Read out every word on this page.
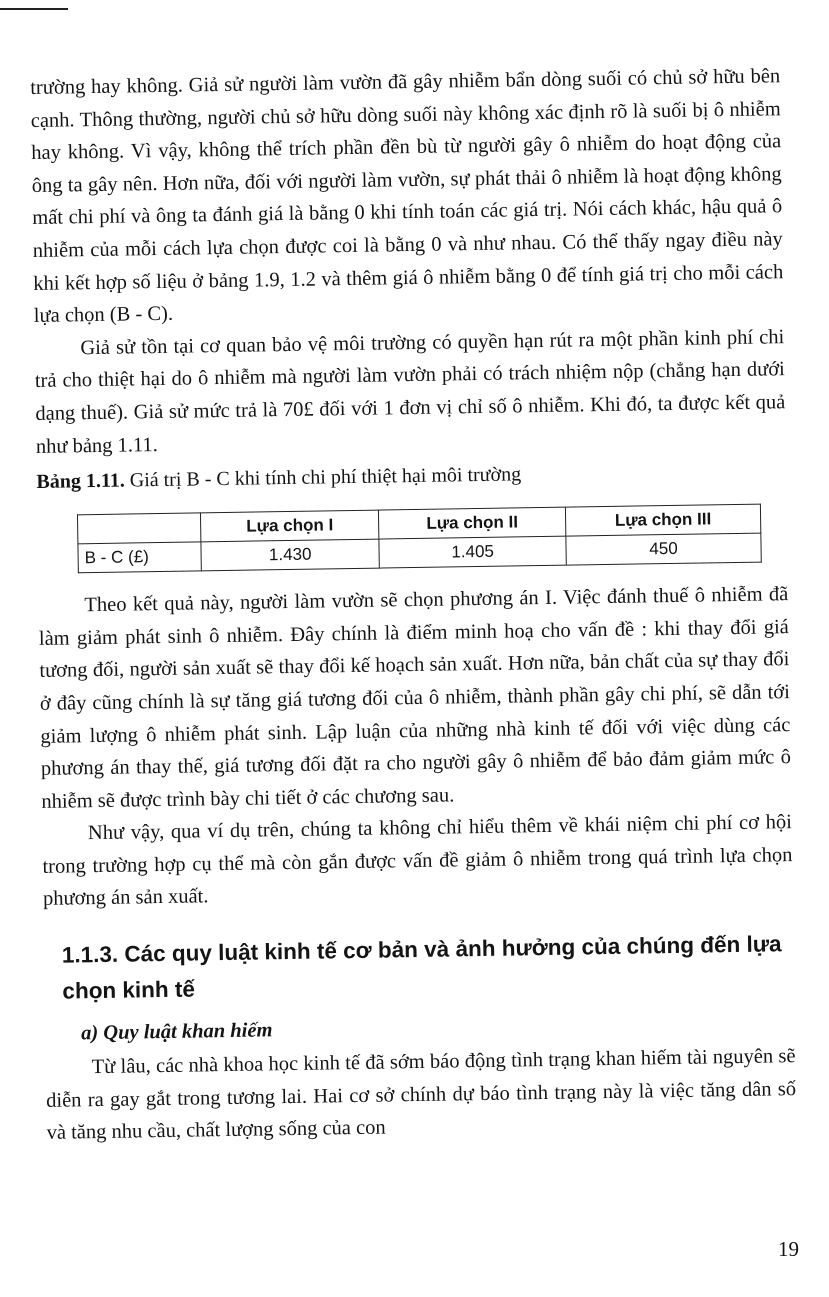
trường hay không. Giả sử người làm vườn đã gây nhiễm bẩn dòng suối có chủ sở hữu bên cạnh. Thông thường, người chủ sở hữu dòng suối này không xác định rõ là suối bị ô nhiễm hay không. Vì vậy, không thể trích phần đền bù từ người gây ô nhiễm do hoạt động của ông ta gây nên. Hơn nữa, đối với người làm vườn, sự phát thải ô nhiễm là hoạt động không mất chi phí và ông ta đánh giá là bằng 0 khi tính toán các giá trị. Nói cách khác, hậu quả ô nhiễm của mỗi cách lựa chọn được coi là bằng 0 và như nhau. Có thể thấy ngay điều này khi kết hợp số liệu ở bảng 1.9, 1.2 và thêm giá ô nhiễm bằng 0 để tính giá trị cho mỗi cách lựa chọn (B - C).

Giả sử tồn tại cơ quan bảo vệ môi trường có quyền hạn rút ra một phần kinh phí chi trả cho thiệt hại do ô nhiễm mà người làm vườn phải có trách nhiệm nộp (chẳng hạn dưới dạng thuế). Giả sử mức trả là 70£ đối với 1 đơn vị chỉ số ô nhiễm. Khi đó, ta được kết quả như bảng 1.11.

Bảng 1.11. Giá trị B - C khi tính chi phí thiệt hại môi trường
	Lựa chọn I	Lựa chọn II	Lựa chọn III
B - C (£)	1.430	1.405	450

Theo kết quả này, người làm vườn sẽ chọn phương án I. Việc đánh thuế ô nhiễm đã làm giảm phát sinh ô nhiễm. Đây chính là điểm minh hoạ cho vấn đề : khi thay đổi giá tương đối, người sản xuất sẽ thay đổi kế hoạch sản xuất. Hơn nữa, bản chất của sự thay đổi ở đây cũng chính là sự tăng giá tương đối của ô nhiễm, thành phần gây chi phí, sẽ dẫn tới giảm lượng ô nhiễm phát sinh. Lập luận của những nhà kinh tế đối với việc dùng các phương án thay thế, giá tương đối đặt ra cho người gây ô nhiễm để bảo đảm giảm mức ô nhiễm sẽ được trình bày chi tiết ở các chương sau.

Như vậy, qua ví dụ trên, chúng ta không chỉ hiểu thêm về khái niệm chi phí cơ hội trong trường hợp cụ thể mà còn gắn được vấn đề giảm ô nhiễm trong quá trình lựa chọn phương án sản xuất.

1.1.3. Các quy luật kinh tế cơ bản và ảnh hưởng của chúng đến lựa chọn kinh tế
a) Quy luật khan hiếm

Từ lâu, các nhà khoa học kinh tế đã sớm báo động tình trạng khan hiếm tài nguyên sẽ diễn ra gay gắt trong tương lai. Hai cơ sở chính dự báo tình trạng này là việc tăng dân số và tăng nhu cầu, chất lượng sống của con

19
